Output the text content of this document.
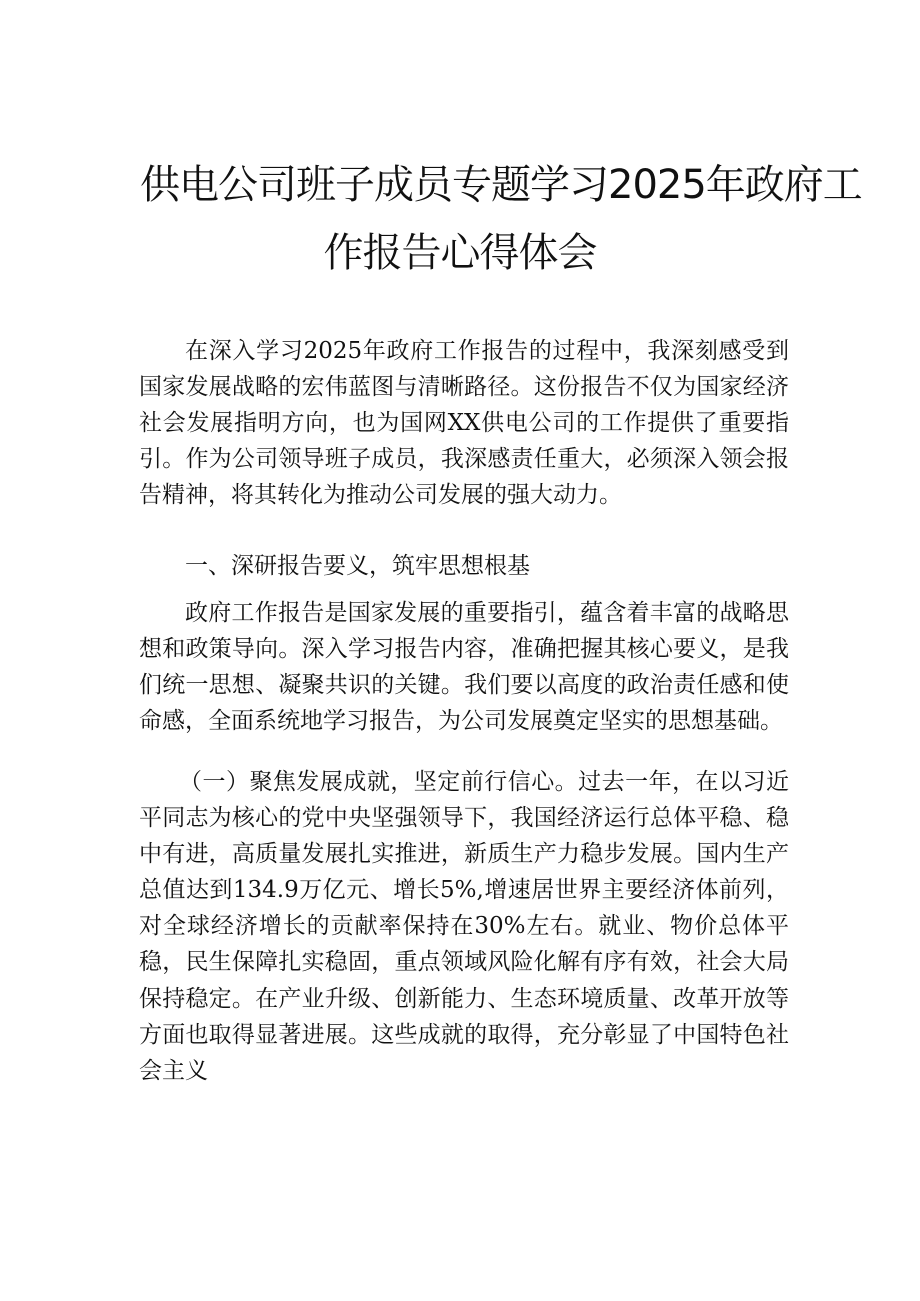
供电公司班子成员专题学习2025年政府工
作报告心得体会

在深入学习2025年政府工作报告的过程中，我深刻感受到国家发展战略的宏伟蓝图与清晰路径。这份报告不仅为国家经济社会发展指明方向，也为国网XX供电公司的工作提供了重要指引。作为公司领导班子成员，我深感责任重大，必须深入领会报告精神，将其转化为推动公司发展的强大动力。

一、深研报告要义，筑牢思想根基

政府工作报告是国家发展的重要指引，蕴含着丰富的战略思想和政策导向。深入学习报告内容，准确把握其核心要义，是我们统一思想、凝聚共识的关键。我们要以高度的政治责任感和使命感，全面系统地学习报告，为公司发展奠定坚实的思想基础。

（一）聚焦发展成就，坚定前行信心。过去一年，在以习近平同志为核心的党中央坚强领导下，我国经济运行总体平稳、稳中有进，高质量发展扎实推进，新质生产力稳步发展。国内生产总值达到134.9万亿元、增长5%,增速居世界主要经济体前列，对全球经济增长的贡献率保持在30%左右。就业、物价总体平稳，民生保障扎实稳固，重点领域风险化解有序有效，社会大局保持稳定。在产业升级、创新能力、生态环境质量、改革开放等方面也取得显著进展。这些成就的取得，充分彰显了中国特色社会主义
